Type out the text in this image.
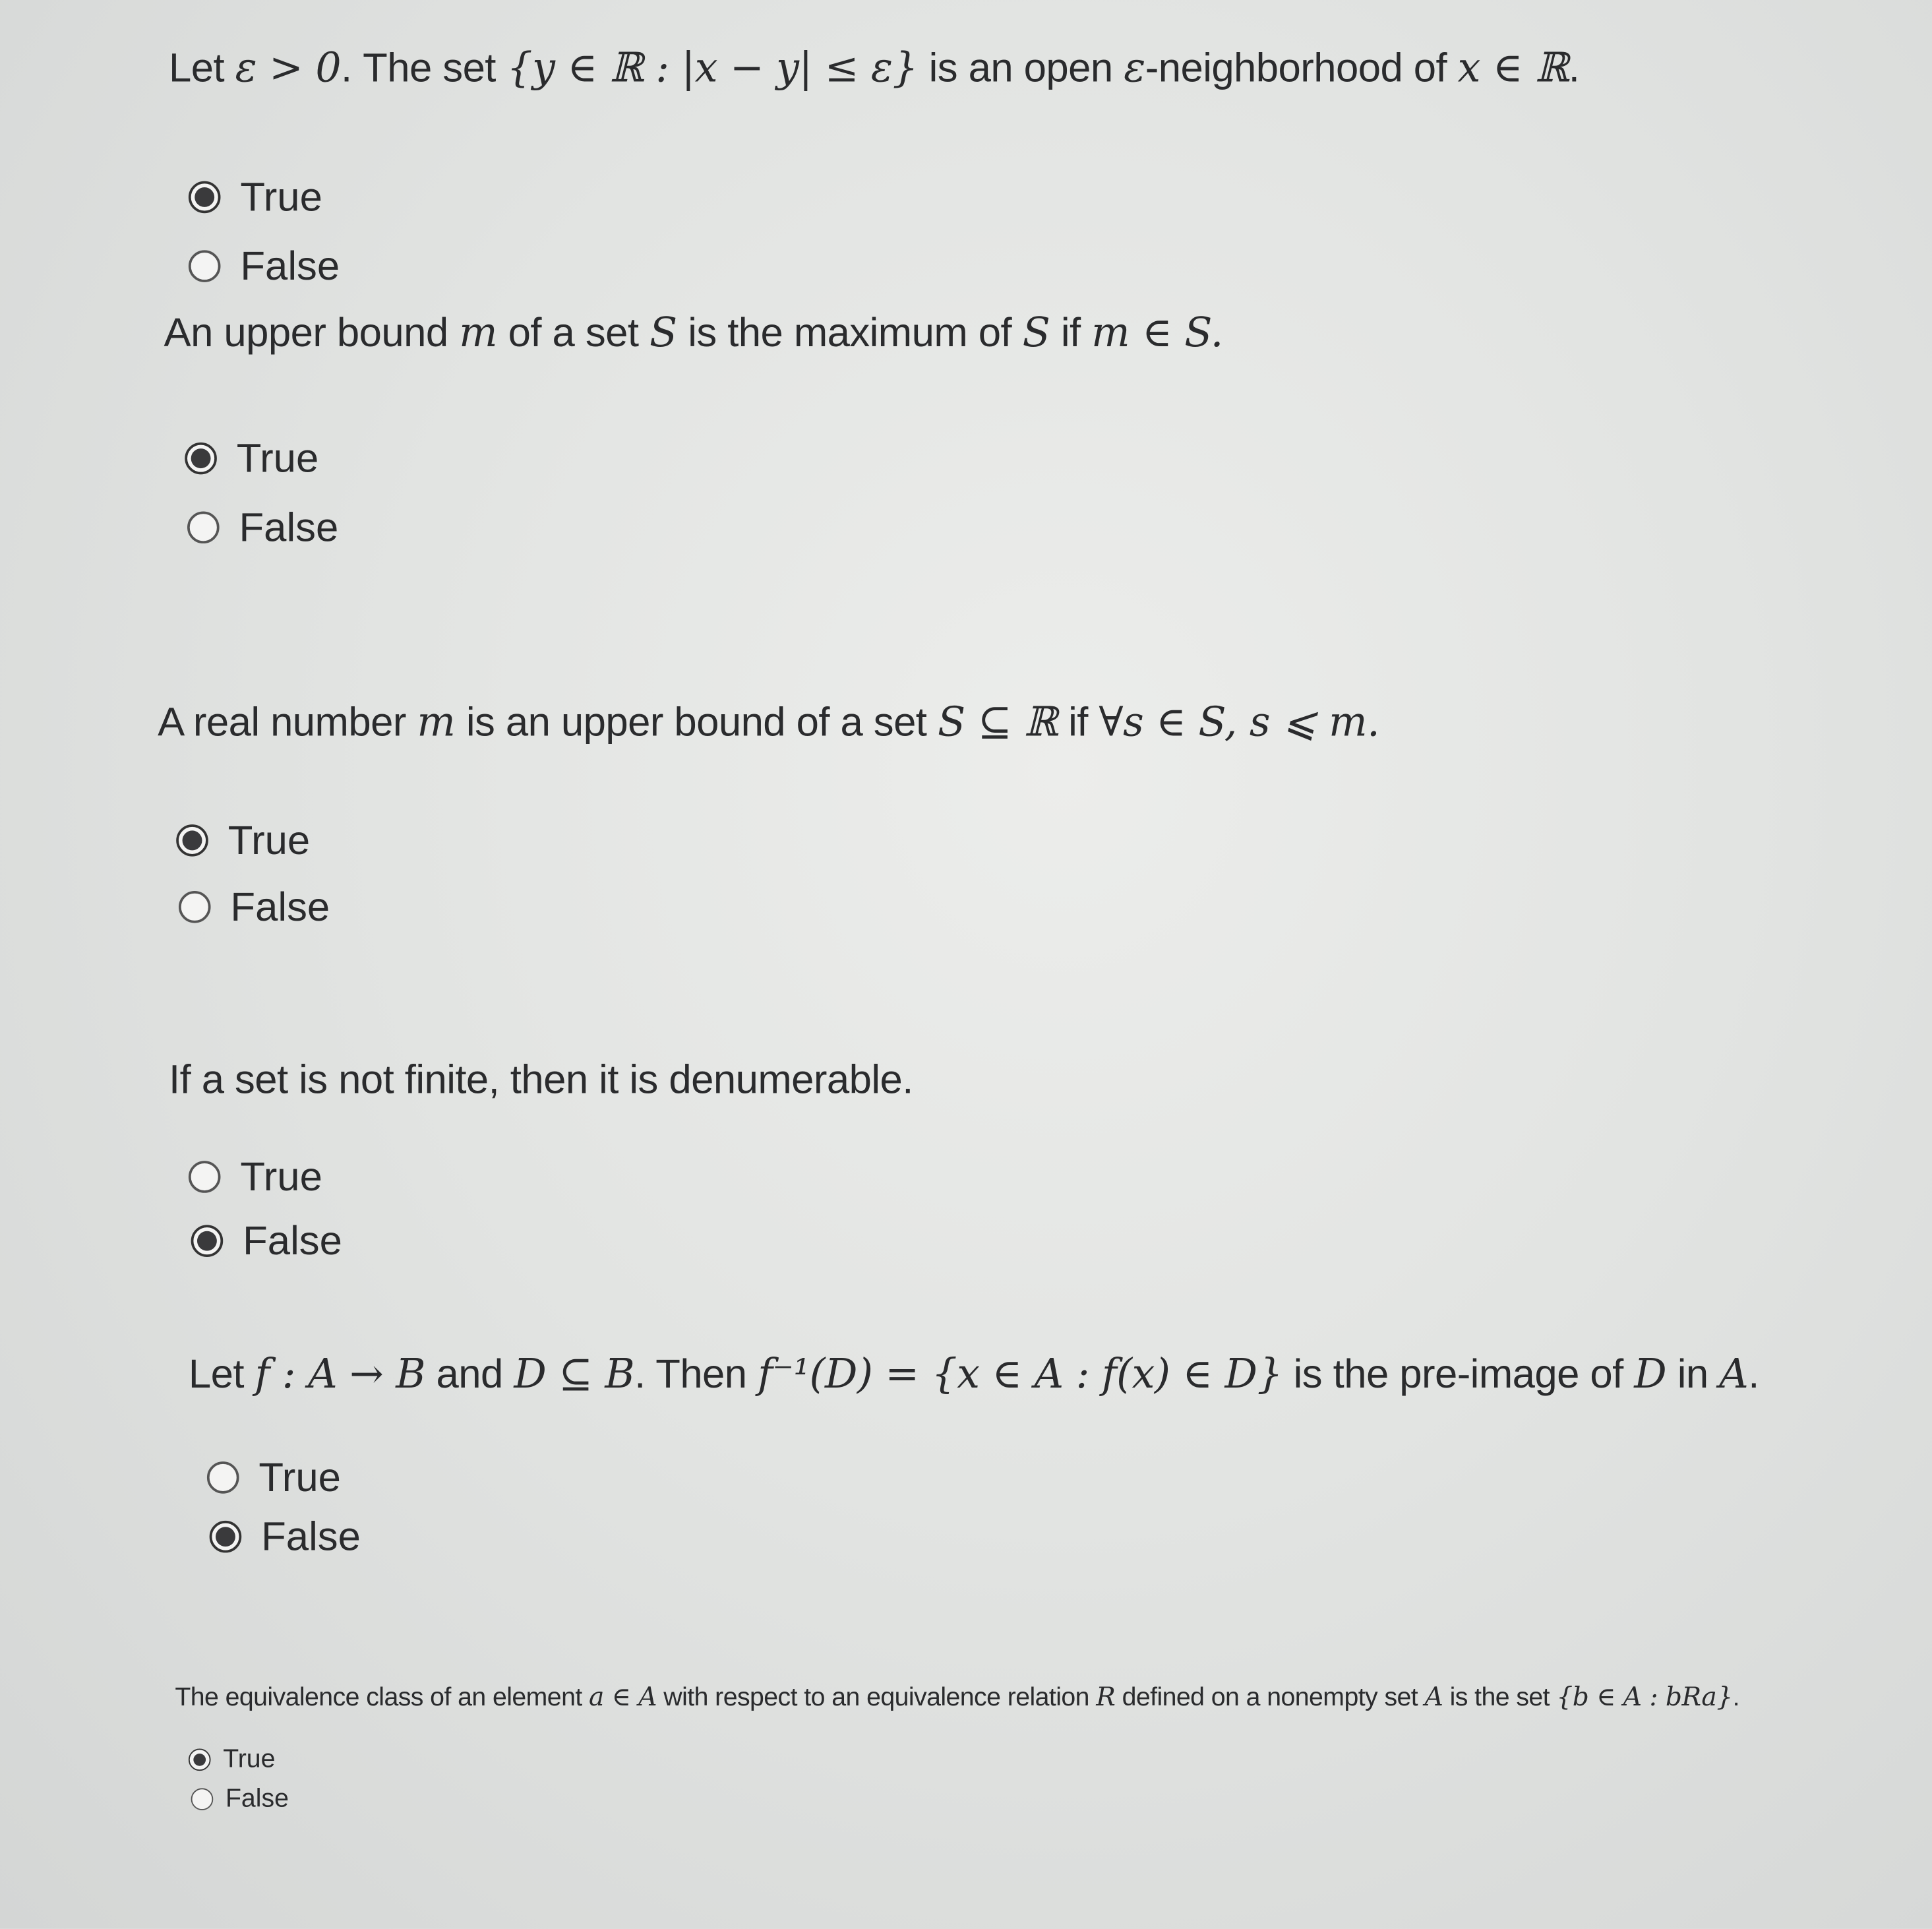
Let ε > 0. The set {y ∈ ℝ : |x − y| ≤ ε} is an open ε-neighborhood of x ∈ ℝ.
True
False
An upper bound m of a set S is the maximum of S if m ∈ S.
True
False
A real number m is an upper bound of a set S ⊆ ℝ if ∀s ∈ S, s ⩽ m.
True
False
If a set is not finite, then it is denumerable.
True
False
Let f : A → B and D ⊆ B. Then f⁻¹(D) = {x ∈ A : f(x) ∈ D} is the pre-image of D in A.
True
False
The equivalence class of an element a ∈ A with respect to an equivalence relation R defined on a nonempty set A is the set {b ∈ A : bRa}.
True
False
